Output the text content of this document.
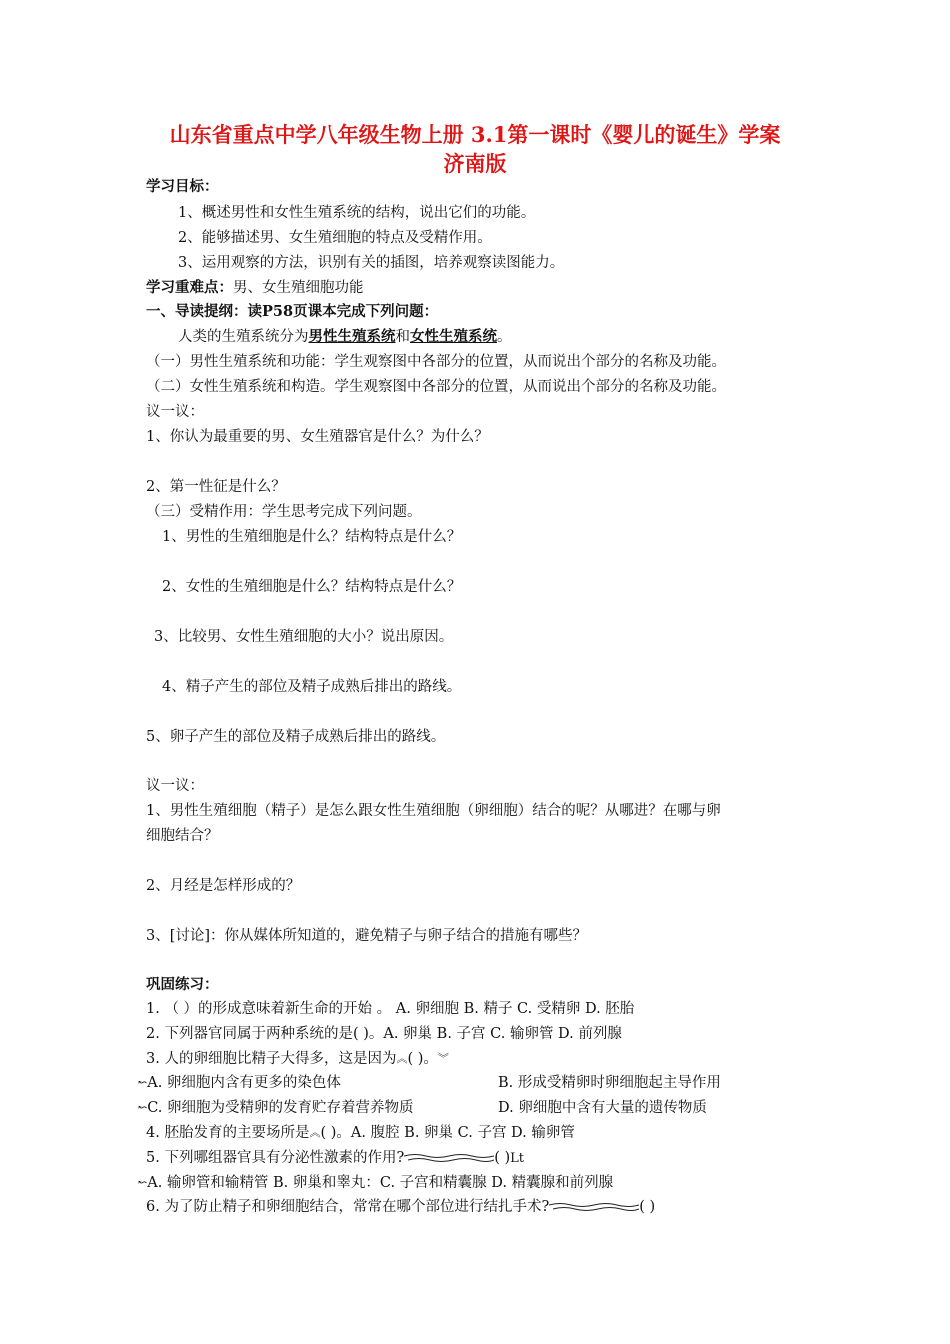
山东省重点中学八年级生物上册 3.1第一课时《婴儿的诞生》学案
济南版
学习目标：
1、概述男性和女性生殖系统的结构，说出它们的功能。
2、能够描述男、女生殖细胞的特点及受精作用。
3、运用观察的方法，识别有关的插图，培养观察读图能力。
学习重难点：男、女生殖细胞功能
一、导读提纲：读P58页课本完成下列问题：
人类的生殖系统分为男性生殖系统和女性生殖系统。
（一）男性生殖系统和功能：学生观察图中各部分的位置，从而说出个部分的名称及功能。
（二）女性生殖系统和构造。学生观察图中各部分的位置，从而说出个部分的名称及功能。
议一议：
1、你认为最重要的男、女生殖器官是什么？为什么？
2、第一性征是什么？
（三）受精作用：学生思考完成下列问题。
1、男性的生殖细胞是什么？结构特点是什么？
2、女性的生殖细胞是什么？结构特点是什么？
3、比较男、女性生殖细胞的大小？说出原因。
4、精子产生的部位及精子成熟后排出的路线。
5、卵子产生的部位及精子成熟后排出的路线。
议一议：
1、男性生殖细胞（精子）是怎么跟女性生殖细胞（卵细胞）结合的呢？从哪进？在哪与卵
细胞结合？
2、月经是怎样形成的？
3、[讨论]：你从媒体所知道的，避免精子与卵子结合的措施有哪些？
巩固练习：
1. （ ）的形成意味着新生命的开始 。 A. 卵细胞 B. 精子 C. 受精卵 D. 胚胎
2. 下列器官同属于两种系统的是( )。A. 卵巢 B. 子宫 C. 输卵管 D. 前列腺
3. 人的卵细胞比精子大得多，这是因为︽( )。︾
↜A. 卵细胞内含有更多的染色体	B. 形成受精卵时卵细胞起主导作用
↜C. 卵细胞为受精卵的发育贮存着营养物质	D. 卵细胞中含有大量的遗传物质
4. 胚胎发育的主要场所是︽( )。A. 腹腔 B. 卵巢 C. 子宫 D. 输卵管
5. 下列哪组器官具有分泌性激素的作用?	( )Lt
↜A. 输卵管和输精管 B. 卵巢和睾丸：C. 子宫和精囊腺 D. 精囊腺和前列腺
6. 为了防止精子和卵细胞结合，常常在哪个部位进行结扎手术?	( )
